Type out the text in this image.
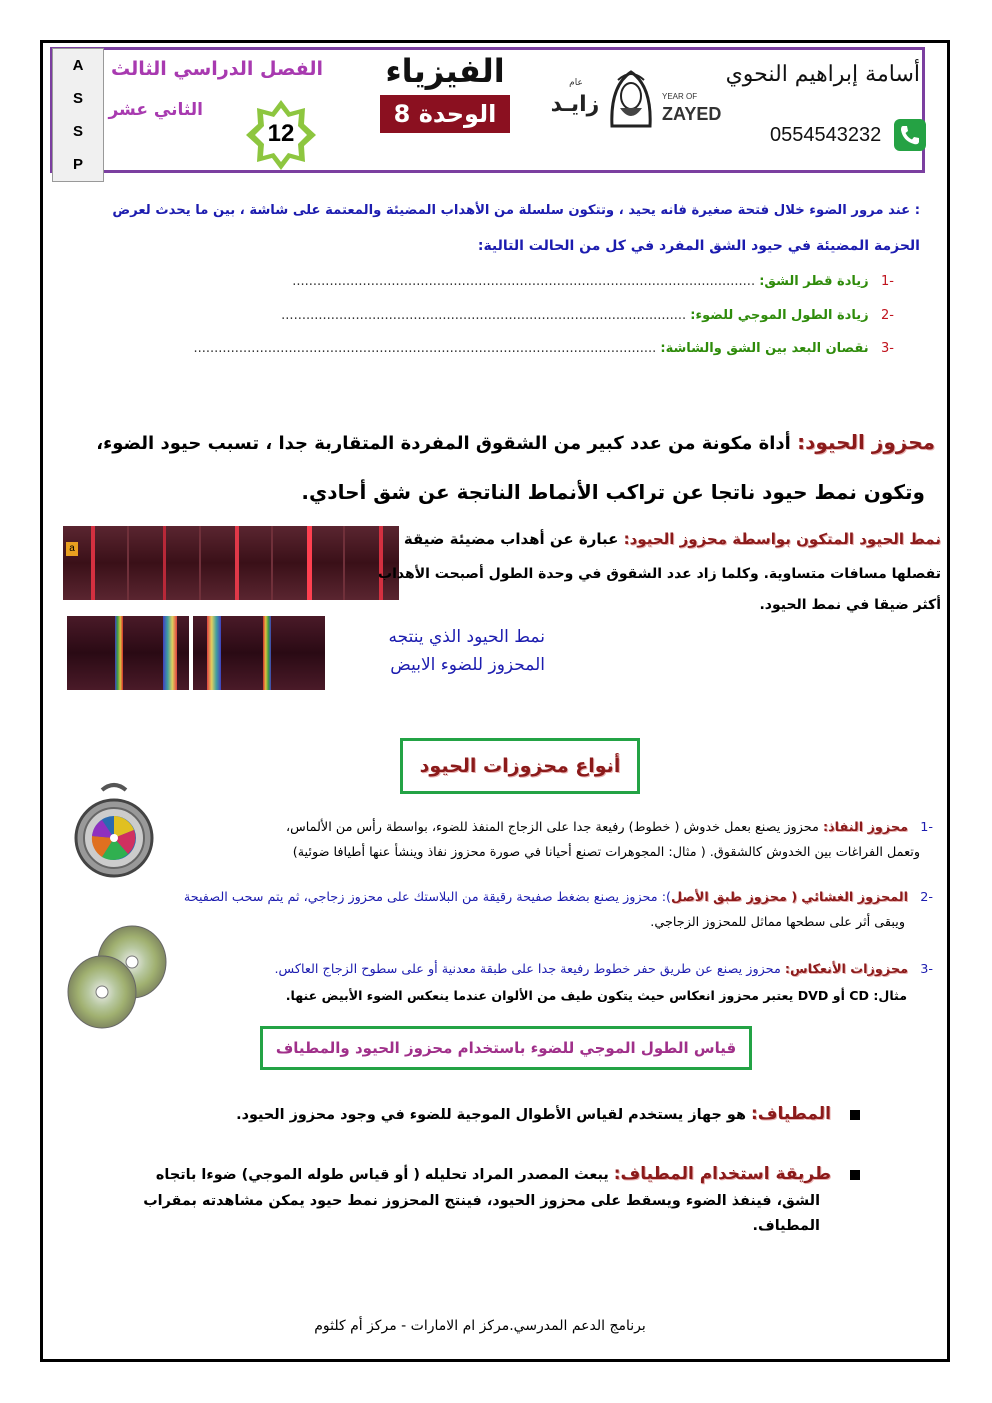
A
S
S
P
الفصل الدراسي الثالث
الثاني عشر
12
الفيزياء
الوحدة 8
عام
زايـد	YEAR OF
ZAYED
أسامة إبراهيم النحوي
0554543232
: عند مرور الضوء خلال فتحة صغيرة فانه يحيد ، وتتكون سلسلة من الأهداب المضيئة والمعتمة على شاشة ، بين ما يحدث لعرض
الحزمة المضيئة في حيود الشق المفرد في كل من الحالت التالية:
-1   زيادة قطر الشق: ................................................................................................................
-2   زيادة الطول الموجي للضوء: ..................................................................................................
-3   نقصان البعد بين الشق والشاشة: ................................................................................................................
محزوز الحيود: أداة مكونة من عدد كبير من الشقوق المفردة المتقاربة جدا ، تسبب حيود الضوء،
وتكون نمط حيود ناتجا عن تراكب الأنماط الناتجة عن شق أحادي.
a
نمط الحيود المتكون بواسطة محزوز الحيود: عبارة عن أهداب مضيئة ضيقة
تفصلها مسافات متساوية. وكلما زاد عدد الشقوق في وحدة الطول أصبحت الأهداب
أكثر ضيقا في نمط الحيود.
نمط الحيود الذي ينتجه
المحزوز للضوء الابيض
أنواع محزوزات الحيود
-1   محزوز النفاذ: محزوز يصنع بعمل خدوش ( خطوط) رفيعة جدا على الزجاج المنفذ للضوء، بواسطة رأس من الألماس،
وتعمل الفراغات بين الخدوش كالشقوق. ( مثال: المجوهرات تصنع أحيانا في صورة محزوز نفاذ وينشأ عنها أطيافا ضوئية)
-2   المحزوز الغشائي ( محزوز طبق الأصل): محزوز يصنع بضغط صفيحة رقيقة من البلاستك على محزوز زجاجي، ثم يتم سحب الصفيحة
ويبقى أثر على سطحها مماثل للمحزوز الزجاجي.
-3   محزوزات الأنعكاس: محزوز يصنع عن طريق حفر خطوط رفيعة جدا على طبقة معدنية أو على سطوح الزجاج العاكس.
مثال: CD أو DVD يعتبر محزوز انعكاس حيث يتكون طيف من الألوان عندما ينعكس الضوء الأبيض عنها.
قياس الطول الموجي للضوء باستخدام محزوز الحيود والمطياف
المطياف: هو جهاز يستخدم لقياس الأطوال الموجية للضوء في وجود محزوز الحيود.
طريقة استخدام المطياف: يبعث المصدر المراد تحليله ( أو قياس طوله الموجي) ضوءا باتجاه
الشق، فينفذ الضوء ويسقط على محزوز الحيود، فينتج المحزوز نمط حيود يمكن مشاهدته بمقراب
المطياف.
برنامج الدعم المدرسي.مركز ام الامارات - مركز أم كلثوم
